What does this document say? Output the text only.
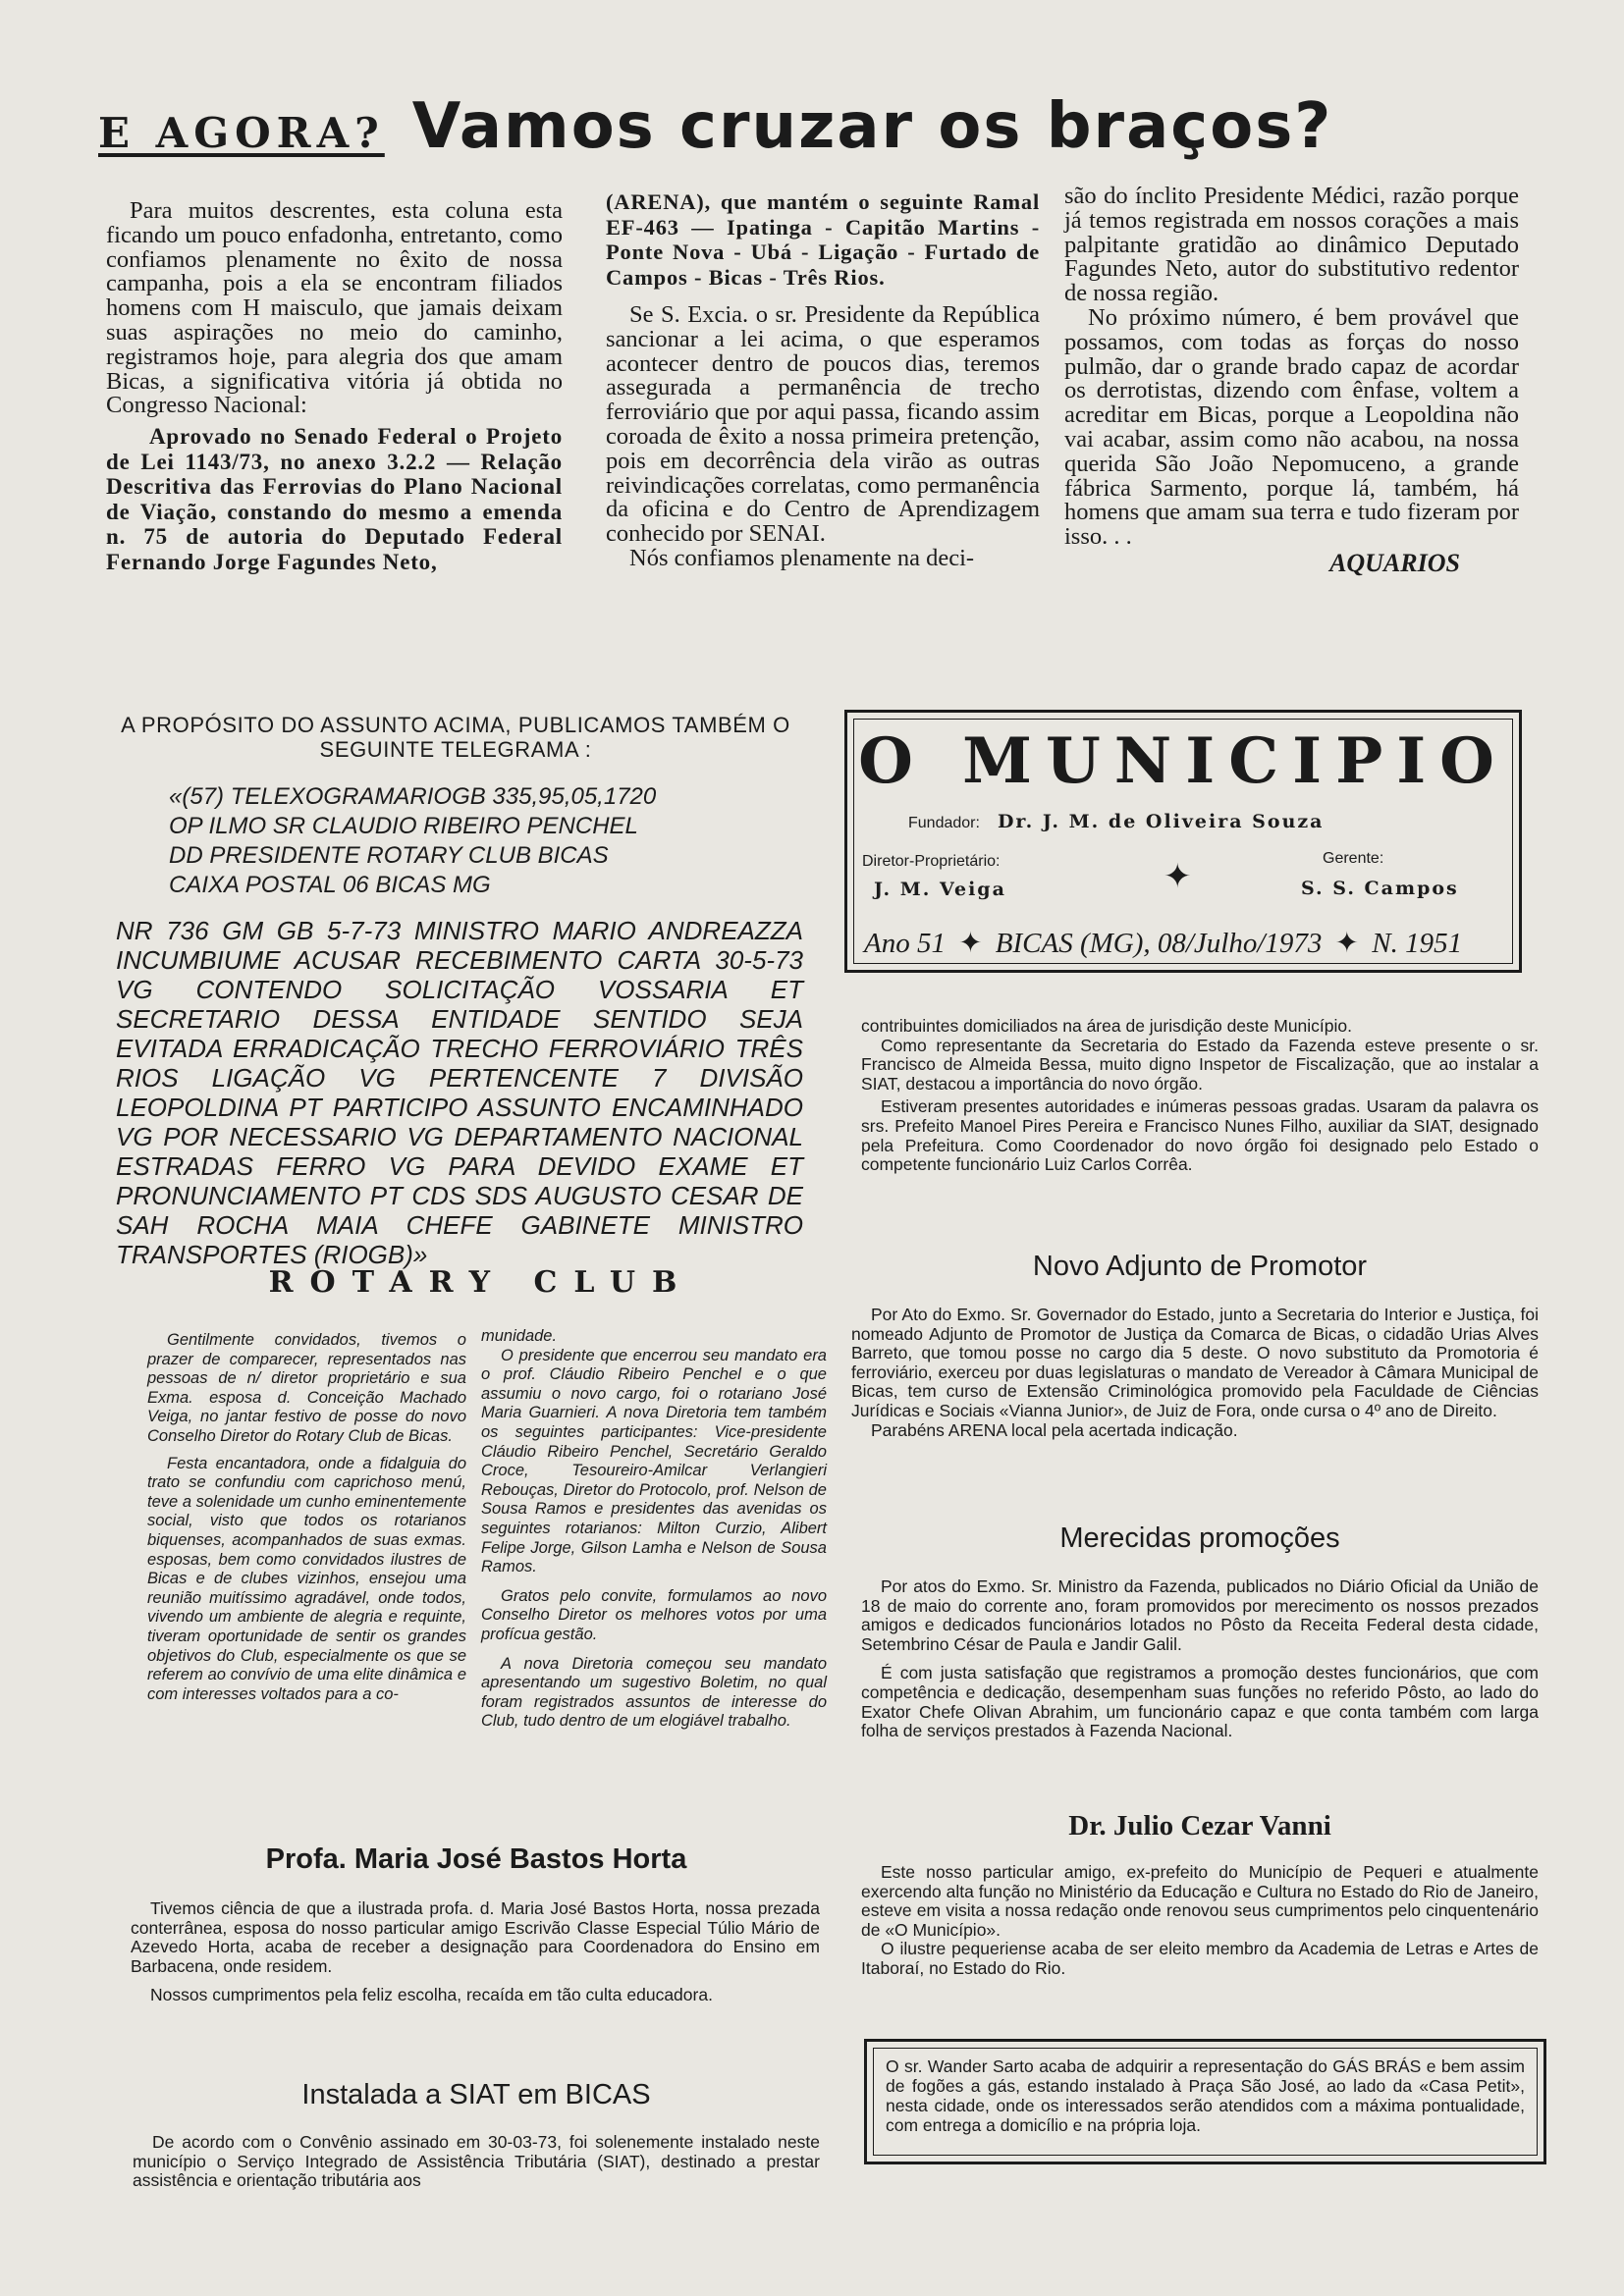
E AGORA? Vamos cruzar os braços?

Para muitos descrentes, esta coluna esta ficando um pouco enfadonha, entretanto, como confiamos plenamente no êxito de nossa campanha, pois a ela se encontram filiados homens com H maisculo, que jamais deixam suas aspirações no meio do caminho, registramos hoje, para alegria dos que amam Bicas, a significativa vitória já obtida no Congresso Nacional:

Aprovado no Senado Federal o Projeto de Lei 1143/73, no anexo 3.2.2 — Relação Descritiva das Ferrovias do Plano Nacional de Viação, constando do mesmo a emenda n. 75 de autoria do Deputado Federal Fernando Jorge Fagundes Neto,

(ARENA), que mantém o seguinte Ramal EF-463 — Ipatinga - Capitão Martins - Ponte Nova - Ubá - Ligação - Furtado de Campos - Bicas - Três Rios.

Se S. Excia. o sr. Presidente da República sancionar a lei acima, o que esperamos acontecer dentro de poucos dias, teremos assegurada a permanência de trecho ferroviário que por aqui passa, ficando assim coroada de êxito a nossa primeira pretenção, pois em decorrência dela virão as outras reivindicações correlatas, como permanência da oficina e do Centro de Aprendizagem conhecido por SENAI.

Nós confiamos plenamente na deci-

são do ínclito Presidente Médici, razão porque já temos registrada em nossos corações a mais palpitante gratidão ao dinâmico Deputado Fagundes Neto, autor do substitutivo redentor de nossa região.

No próximo número, é bem provável que possamos, com todas as forças do nosso pulmão, dar o grande brado capaz de acordar os derrotistas, dizendo com ênfase, voltem a acreditar em Bicas, porque a Leopoldina não vai acabar, assim como não acabou, na nossa querida São João Nepomuceno, a grande fábrica Sarmento, porque lá, também, há homens que amam sua terra e tudo fizeram por isso. . .

AQUARIOS
A PROPÓSITO DO ASSUNTO ACIMA, PUBLICAMOS TAMBÉM O SEGUINTE TELEGRAMA :
«(57) TELEXOGRAMARIOGB 335,95,05,1720
OP ILMO SR CLAUDIO RIBEIRO PENCHEL
DD PRESIDENTE ROTARY CLUB BICAS
CAIXA POSTAL 06 BICAS MG
NR 736 GM GB 5-7-73 MINISTRO MARIO ANDREAZZA INCUMBIUME ACUSAR RECEBIMENTO CARTA 30-5-73 VG CONTENDO SOLICITAÇÃO VOSSARIA ET SECRETARIO DESSA ENTIDADE SENTIDO SEJA EVITADA ERRADICAÇÃO TRECHO FERROVIÁRIO TRÊS RIOS LIGAÇÃO VG PERTENCENTE 7 DIVISÃO LEOPOLDINA PT PARTICIPO ASSUNTO ENCAMINHADO VG POR NECESSARIO VG DEPARTAMENTO NACIONAL ESTRADAS FERRO VG PARA DEVIDO EXAME ET PRONUNCIAMENTO PT CDS SDS AUGUSTO CESAR DE SAH ROCHA MAIA CHEFE GABINETE MINISTRO TRANSPORTES (RIOGB)»
O MUNICIPIO
Fundador: Dr. J. M. de Oliveira Souza
Diretor-Proprietário:
J. M. Veiga	✦
Gerente:
S. S. Campos
Ano 51 ✦ BICAS (MG), 08/Julho/1973 ✦ N. 1951

contribuintes domiciliados na área de jurisdição deste Município.

Como representante da Secretaria do Estado da Fazenda esteve presente o sr. Francisco de Almeida Bessa, muito digno Inspetor de Fiscalização, que ao instalar a SIAT, destacou a importância do novo órgão.

Estiveram presentes autoridades e inúmeras pessoas gradas. Usaram da palavra os srs. Prefeito Manoel Pires Pereira e Francisco Nunes Filho, auxiliar da SIAT, designado pela Prefeitura. Como Coordenador do novo órgão foi designado pelo Estado o competente funcionário Luiz Carlos Corrêa.

Novo Adjunto de Promotor

Por Ato do Exmo. Sr. Governador do Estado, junto a Secretaria do Interior e Justiça, foi nomeado Adjunto de Promotor de Justiça da Comarca de Bicas, o cidadão Urias Alves Barreto, que tomou posse no cargo dia 5 deste. O novo substituto da Promotoria é ferroviário, exerceu por duas legislaturas o mandato de Vereador à Câmara Municipal de Bicas, tem curso de Extensão Criminológica promovido pela Faculdade de Ciências Jurídicas e Sociais «Vianna Junior», de Juiz de Fora, onde cursa o 4º ano de Direito.

Parabéns ARENA local pela acertada indicação.

Merecidas promoções

Por atos do Exmo. Sr. Ministro da Fazenda, publicados no Diário Oficial da União de 18 de maio do corrente ano, foram promovidos por merecimento os nossos prezados amigos e dedicados funcionários lotados no Pôsto da Receita Federal desta cidade, Setembrino César de Paula e Jandir Galil.

É com justa satisfação que registramos a promoção destes funcionários, que com competência e dedicação, desempenham suas funções no referido Pôsto, ao lado do Exator Chefe Olivan Abrahim, um funcionário capaz e que conta também com larga folha de serviços prestados à Fazenda Nacional.

Dr. Julio Cezar Vanni

Este nosso particular amigo, ex-prefeito do Município de Pequeri e atualmente exercendo alta função no Ministério da Educação e Cultura no Estado do Rio de Janeiro, esteve em visita a nossa redação onde renovou seus cumprimentos pelo cinquentenário de «O Município».

O ilustre pequeriense acaba de ser eleito membro da Academia de Letras e Artes de Itaboraí, no Estado do Rio.

O sr. Wander Sarto acaba de adquirir a representação do GÁS BRÁS e bem assim de fogões a gás, estando instalado à Praça São José, ao lado da «Casa Petit», nesta cidade, onde os interessados serão atendidos com a máxima pontualidade, com entrega a domicílio e na própria loja.
ROTARY CLUB

Gentilmente convidados, tivemos o prazer de comparecer, representados nas pessoas de n/ diretor proprietário e sua Exma. esposa d. Conceição Machado Veiga, no jantar festivo de posse do novo Conselho Diretor do Rotary Club de Bicas.

Festa encantadora, onde a fidalguia do trato se confundiu com caprichoso menú, teve a solenidade um cunho eminentemente social, visto que todos os rotarianos biquenses, acompanhados de suas exmas. esposas, bem como convidados ilustres de Bicas e de clubes vizinhos, ensejou uma reunião muitíssimo agradável, onde todos, vivendo um ambiente de alegria e requinte, tiveram oportunidade de sentir os grandes objetivos do Club, especialmente os que se referem ao convívio de uma elite dinâmica e com interesses voltados para a co-

munidade.

O presidente que encerrou seu mandato era o prof. Cláudio Ribeiro Penchel e o que assumiu o novo cargo, foi o rotariano José Maria Guarnieri. A nova Diretoria tem também os seguintes participantes: Vice-presidente Cláudio Ribeiro Penchel, Secretário Geraldo Croce, Tesoureiro-Amilcar Verlangieri Rebouças, Diretor do Protocolo, prof. Nelson de Sousa Ramos e presidentes das avenidas os seguintes rotarianos: Milton Curzio, Alibert Felipe Jorge, Gilson Lamha e Nelson de Sousa Ramos.

Gratos pelo convite, formulamos ao novo Conselho Diretor os melhores votos por uma profícua gestão.

A nova Diretoria começou seu mandato apresentando um sugestivo Boletim, no qual foram registrados assuntos de interesse do Club, tudo dentro de um elogiável trabalho.

Profa. Maria José Bastos Horta

Tivemos ciência de que a ilustrada profa. d. Maria José Bastos Horta, nossa prezada conterrânea, esposa do nosso particular amigo Escrivão Classe Especial Túlio Mário de Azevedo Horta, acaba de receber a designação para Coordenadora do Ensino em Barbacena, onde residem.

Nossos cumprimentos pela feliz escolha, recaída em tão culta educadora.

Instalada a SIAT em BICAS

De acordo com o Convênio assinado em 30-03-73, foi solenemente instalado neste município o Serviço Integrado de Assistência Tributária (SIAT), destinado a prestar assistência e orientação tributária aos
